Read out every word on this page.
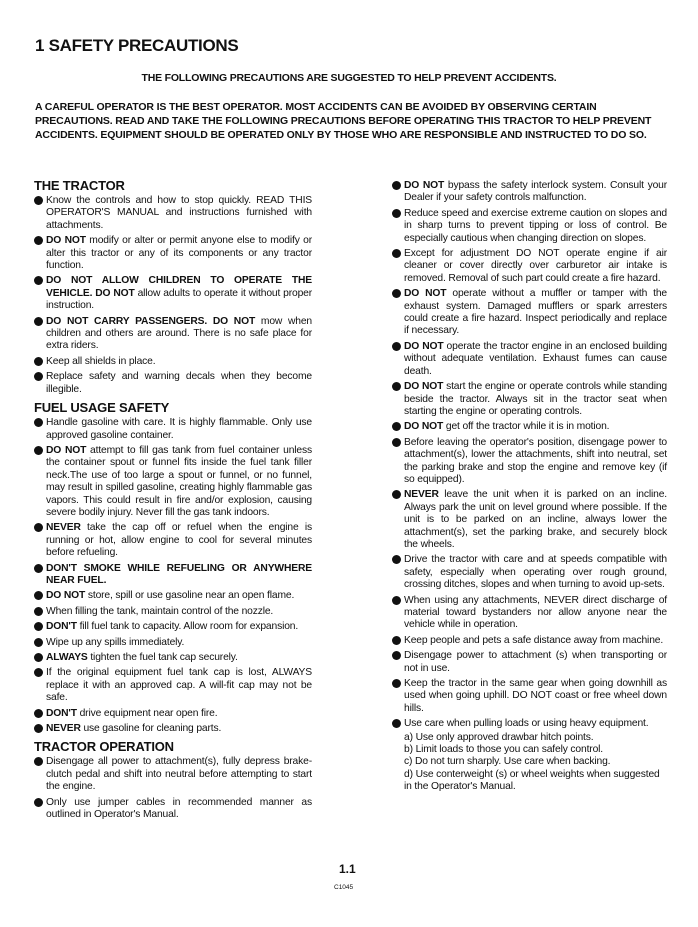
1 SAFETY PRECAUTIONS
THE FOLLOWING PRECAUTIONS ARE SUGGESTED TO HELP PREVENT ACCIDENTS.
A CAREFUL OPERATOR IS THE BEST OPERATOR. MOST ACCIDENTS CAN BE AVOIDED BY OBSERVING CERTAIN PRECAUTIONS. READ AND TAKE THE FOLLOWING PRECAUTIONS BEFORE OPERATING THIS TRACTOR TO HELP PREVENT ACCIDENTS. EQUIPMENT SHOULD BE OPERATED ONLY BY THOSE WHO ARE RESPONSIBLE AND INSTRUCTED TO DO SO.
THE TRACTOR
Know the controls and how to stop quickly. READ THIS OPERATOR'S MANUAL and instructions furnished with attachments.
DO NOT modify or alter or permit anyone else to modify or alter this tractor or any of its components or any tractor function.
DO NOT ALLOW CHILDREN TO OPERATE THE VEHICLE. DO NOT allow adults to operate it without proper instruction.
DO NOT CARRY PASSENGERS. DO NOT mow when children and others are around. There is no safe place for extra riders.
Keep all shields in place.
Replace safety and warning decals when they become illegible.
FUEL USAGE SAFETY
Handle gasoline with care. It is highly flammable. Only use approved gasoline container.
DO NOT attempt to fill gas tank from fuel container unless the container spout or funnel fits inside the fuel tank filler neck.The use of too large a spout or funnel, or no funnel, may result in spilled gasoline, creating highly flammable gas vapors. This could result in fire and/or explosion, causing severe bodily injury. Never fill the gas tank indoors.
NEVER take the cap off or refuel when the engine is running or hot, allow engine to cool for several minutes before refueling.
DON'T SMOKE WHILE REFUELING OR ANYWHERE NEAR FUEL.
DO NOT store, spill or use gasoline near an open flame.
When filling the tank, maintain control of the nozzle.
DON'T fill fuel tank to capacity. Allow room for expansion.
Wipe up any spills immediately.
ALWAYS tighten the fuel tank cap securely.
If the original equipment fuel tank cap is lost, ALWAYS replace it with an approved cap. A will-fit cap may not be safe.
DON'T drive equipment near open fire.
NEVER use gasoline for cleaning parts.
TRACTOR OPERATION
Disengage all power to attachment(s), fully depress brake-clutch pedal and shift into neutral before attempting to start the engine.
Only use jumper cables in recommended manner as outlined in Operator's Manual.
DO NOT bypass the safety interlock system. Consult your Dealer if your safety controls malfunction.
Reduce speed and exercise extreme caution on slopes and in sharp turns to prevent tipping or loss of control. Be especially cautious when changing direction on slopes.
Except for adjustment DO NOT operate engine if air cleaner or cover directly over carburetor air intake is removed. Removal of such part could create a fire hazard.
DO NOT operate without a muffler or tamper with the exhaust system. Damaged mufflers or spark arresters could create a fire hazard. Inspect periodically and replace if necessary.
DO NOT operate the tractor engine in an enclosed building without adequate ventilation. Exhaust fumes can cause death.
DO NOT start the engine or operate controls while standing beside the tractor. Always sit in the tractor seat when starting the engine or operating controls.
DO NOT get off the tractor while it is in motion.
Before leaving the operator's position, disengage power to attachment(s), lower the attachments, shift into neutral, set the parking brake and stop the engine and remove key (if so equipped).
NEVER leave the unit when it is parked on an incline. Always park the unit on level ground where possible. If the unit is to be parked on an incline, always lower the attachment(s), set the parking brake, and securely block the wheels.
Drive the tractor with care and at speeds compatible with safety, especially when operating over rough ground, crossing ditches, slopes and when turning to avoid up-sets.
When using any attachments, NEVER direct discharge of material toward bystanders nor allow anyone near the vehicle while in operation.
Keep people and pets a safe distance away from machine.
Disengage power to attachment (s) when transporting or not in use.
Keep the tractor in the same gear when going downhill as used when going uphill. DO NOT coast or free wheel down hills.
Use care when pulling loads or using heavy equipment.
a) Use only approved drawbar hitch points.
b) Limit loads to those you can safely control.
c) Do not turn sharply. Use care when backing.
d) Use conterweight (s) or wheel weights when suggested in the Operator's Manual.
1.1
C1045
